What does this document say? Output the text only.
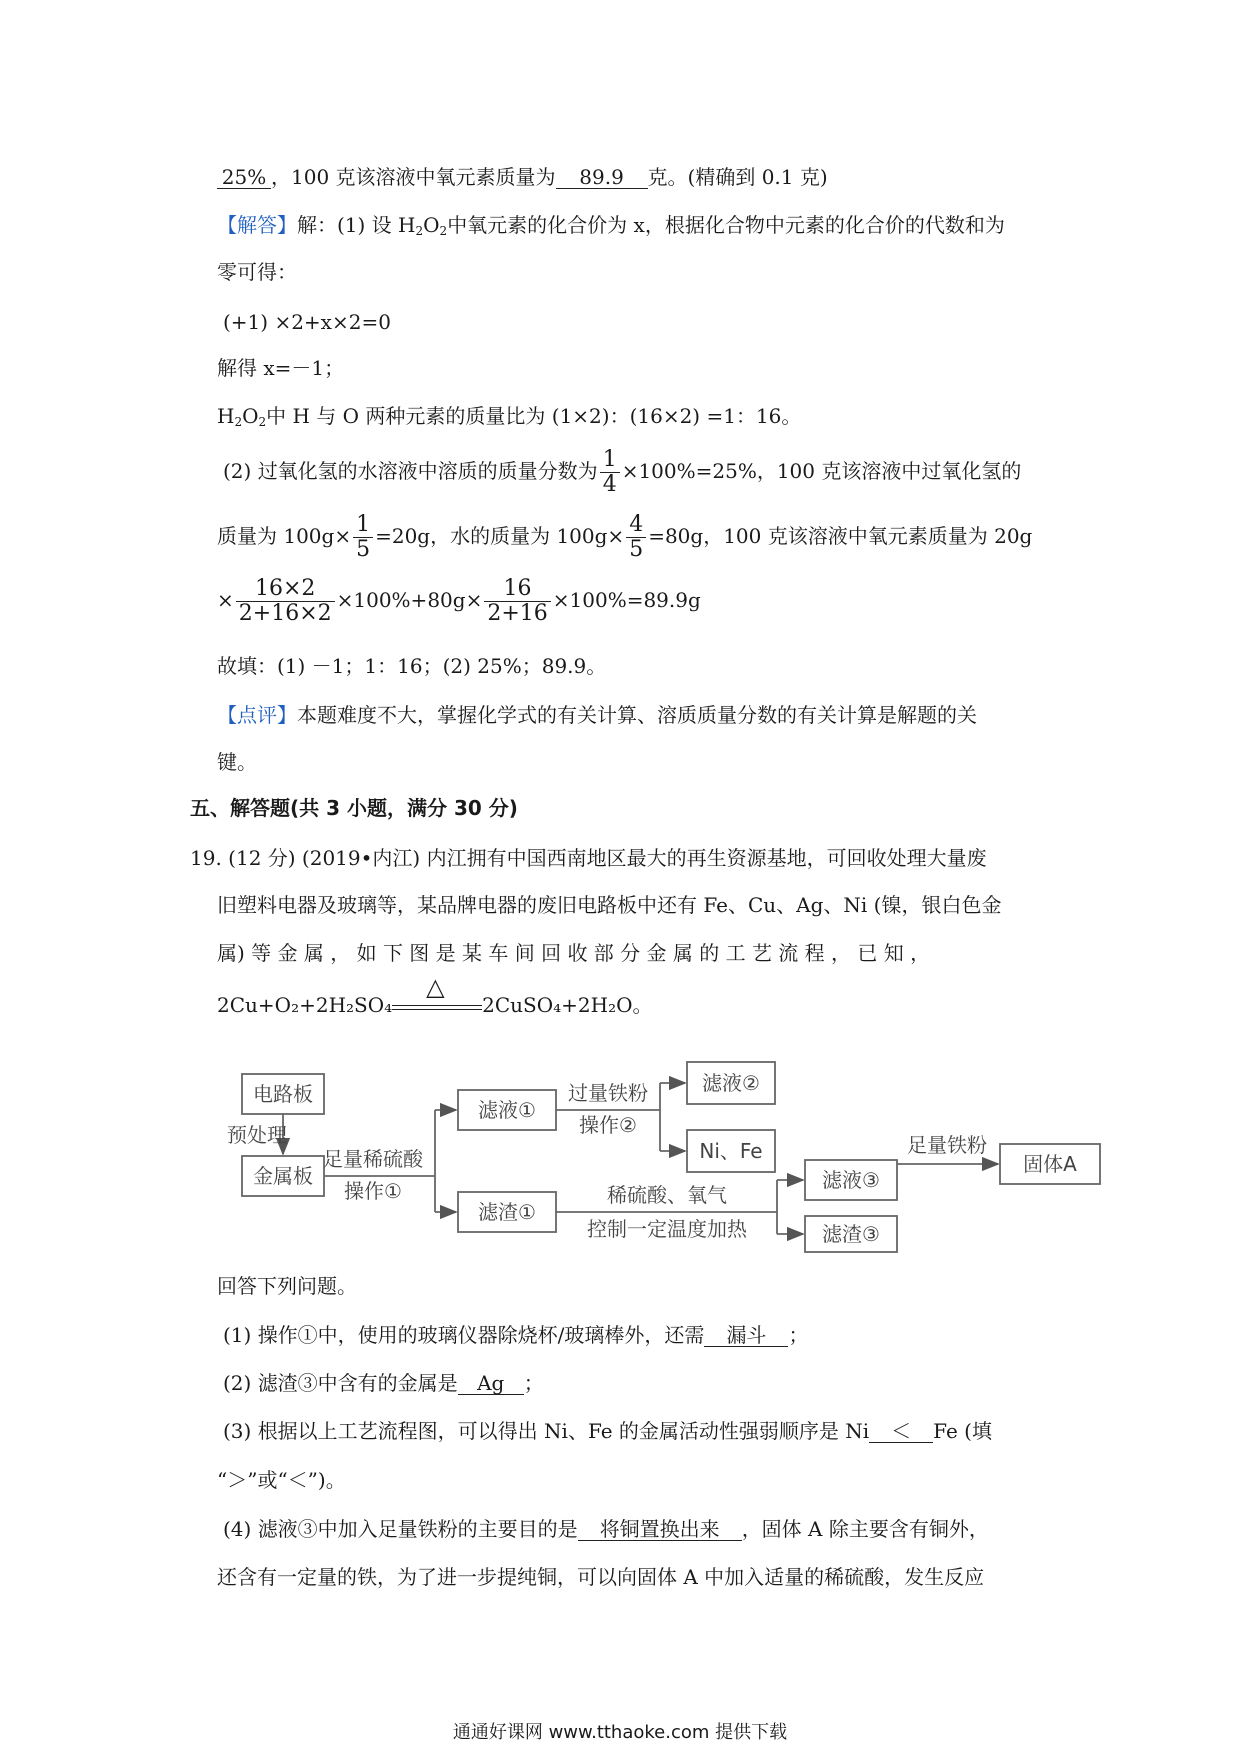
25% ，100 克该溶液中氧元素质量为 89.9 克。(精确到 0.1 克)
【解答】解：(1) 设 $H_2O_2$中氧元素的化合价为 x，根据化合物中元素的化合价的代数和为
零可得：
(+1) ×2+x×2=0
解得 x=－1；
$H_2O_2$中 H 与 O 两种元素的质量比为 (1×2)：(16×2) =1：16。
(2) 过氧化氢的水溶液中溶质的质量分数为 $\frac{1}{4} \times 100\%=25\%$，100 克该溶液中过氧化氢的
质量为 $100g\times \frac{1}{5} =20g$，水的质量为 $100g\times \frac{4}{5} =80g$，100 克该溶液中氧元素质量为 20g
× $\frac{16\times 2}{2+16\times 2} \times 100\%+80g\times \frac{16}{2+16} \times 100\%=89.9g$
故填：(1) －1；1：16；(2) 25%；89.9。
【点评】本题难度不大，掌握化学式的有关计算、溶质质量分数的有关计算是解题的关
键。
五、解答题(共 3 小题，满分 30 分)
19. (12 分) (2019•内江) 内江拥有中国西南地区最大的再生资源基地，可回收处理大量废
旧塑料电器及玻璃等，某品牌电器的废旧电路板中还有 Fe、Cu、Ag、Ni (镍，银白色金
属) 等 金 属 ， 如 下 图 是 某 车 间 回 收 部 分 金 属 的 工 艺 流 程 ， 已 知 ，
2Cu+O₂+2H₂SO₄
△
2CuSO₄+2H₂O。
电路板
金属板
预处理
足量稀硫酸
操作①
滤液①
滤渣①
过量铁粉
操作②
滤液②
Ni、Fe
稀硫酸、氧气
控制一定温度加热
滤液③
滤渣③
足量铁粉
固体A
回答下列问题。
(1) 操作①中，使用的玻璃仪器除烧杯/玻璃棒外，还需 漏斗 ；
(2) 滤渣③中含有的金属是 Ag ；
(3) 根据以上工艺流程图，可以得出 Ni、Fe 的金属活动性强弱顺序是 Ni ＜ Fe (填
“＞”或“＜”)。
(4) 滤液③中加入足量铁粉的主要目的是 将铜置换出来 ，固体 A 除主要含有铜外，
还含有一定量的铁，为了进一步提纯铜，可以向固体 A 中加入适量的稀硫酸，发生反应
通通好课网 www.tthaoke.com 提供下载
